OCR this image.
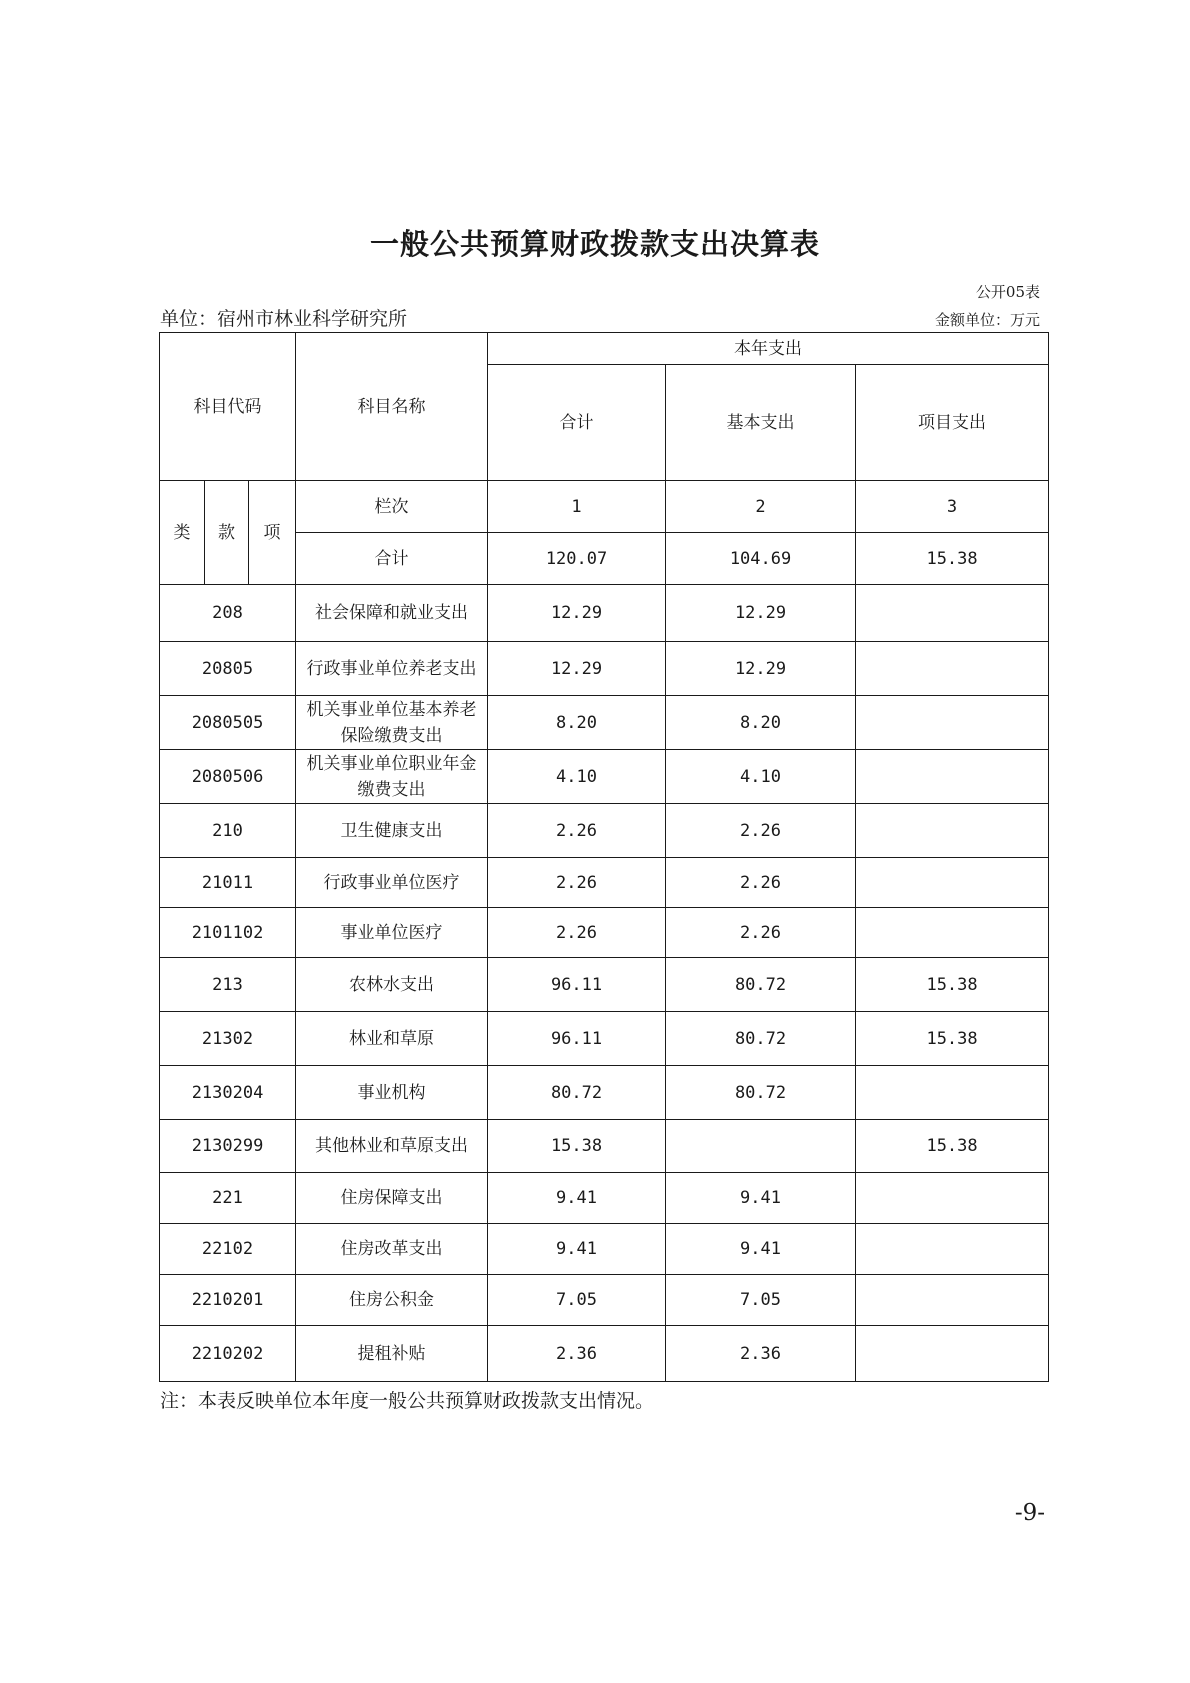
一般公共预算财政拨款支出决算表
公开05表
单位：宿州市林业科学研究所	金额单位：万元
科目代码			科目名称	本年支出		
				合计	基本支出	项目支出
类	款	项	栏次	1	2	3
			合计	120.07	104.69	15.38
208			社会保障和就业支出	12.29	12.29	
20805			行政事业单位养老支出	12.29	12.29	
2080505			机关事业单位基本养老保险缴费支出	8.20	8.20	
2080506			机关事业单位职业年金缴费支出	4.10	4.10	
210			卫生健康支出	2.26	2.26	
21011			行政事业单位医疗	2.26	2.26	
2101102			事业单位医疗	2.26	2.26	
213			农林水支出	96.11	80.72	15.38
21302			林业和草原	96.11	80.72	15.38
2130204			事业机构	80.72	80.72	
2130299			其他林业和草原支出	15.38		15.38
221			住房保障支出	9.41	9.41	
22102			住房改革支出	9.41	9.41	
2210201			住房公积金	7.05	7.05	
2210202			提租补贴	2.36	2.36	
注：本表反映单位本年度一般公共预算财政拨款支出情况。
-9-
